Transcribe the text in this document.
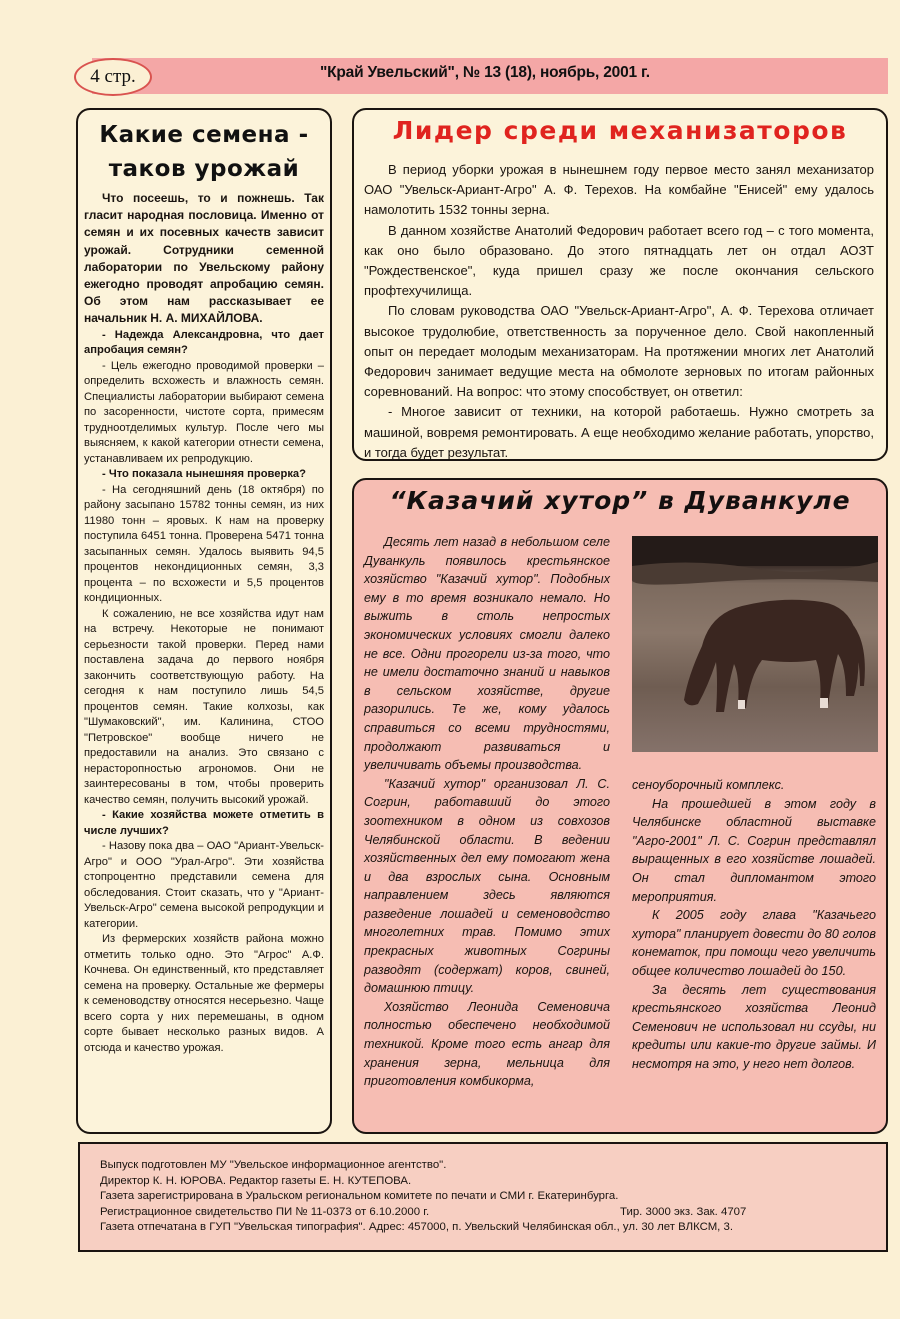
4 стр.	"Край Увельский", № 13 (18), ноябрь, 2001 г.
Какие семена -
таков урожай

Что посеешь, то и пожнешь. Так гласит народная пословица. Именно от семян и их посевных качеств зависит урожай. Сотрудники семенной лаборатории по Увельскому району ежегодно проводят апробацию семян. Об этом нам рассказывает ее начальник Н. А. МИХАЙЛОВА.

- Надежда Александровна, что дает апробация семян?

- Цель ежегодно проводимой проверки – определить всхожесть и влажность семян. Специалисты лаборатории выбирают семена по засоренности, чистоте сорта, примесям трудноотделимых культур. После чего мы выясняем, к какой категории отнести семена, устанавливаем их репродукцию.

- Что показала нынешняя проверка?

- На сегодняшний день (18 октября) по району засыпано 15782 тонны семян, из них 11980 тонн – яровых. К нам на проверку поступила 6451 тонна. Проверена 5471 тонна засыпанных семян. Удалось выявить 94,5 процентов некондиционных семян, 3,3 процента – по всхожести и 5,5 процентов кондиционных.

К сожалению, не все хозяйства идут нам на встречу. Некоторые не понимают серьезности такой проверки. Перед нами поставлена задача до первого ноября закончить соответствующую работу. На сегодня к нам поступило лишь 54,5 процентов семян. Такие колхозы, как "Шумаковский", им. Калинина, СТОО "Петровское" вообще ничего не предоставили на анализ. Это связано с нерасторопностью агрономов. Они не заинтересованы в том, чтобы проверить качество семян, получить высокий урожай.

- Какие хозяйства можете отметить в числе лучших?

- Назову пока два – ОАО "Ариант-Увельск-Агро" и ООО "Урал-Агро". Эти хозяйства стопроцентно представили семена для обследования. Стоит сказать, что у "Ариант-Увельск-Агро" семена высокой репродукции и категории.

Из фермерских хозяйств района можно отметить только одно. Это "Агрос" А.Ф. Кочнева. Он единственный, кто представляет семена на проверку. Остальные же фермеры к семеноводству относятся несерьезно. Чаще всего сорта у них перемешаны, в одном сорте бывает несколько разных видов. А отсюда и качество урожая.

Лидер среди механизаторов

В период уборки урожая в нынешнем году первое место занял механизатор ОАО "Увельск-Ариант-Агро" А. Ф. Терехов. На комбайне "Енисей" ему удалось намолотить 1532 тонны зерна.

В данном хозяйстве Анатолий Федорович работает всего год – с того момента, как оно было образовано. До этого пятнадцать лет он отдал АОЗТ "Рождественское", куда пришел сразу же после окончания сельского профтехучилища.

По словам руководства ОАО "Увельск-Ариант-Агро", А. Ф. Терехова отличает высокое трудолюбие, ответственность за порученное дело. Свой накопленный опыт он передает молодым механизаторам. На протяжении многих лет Анатолий Федорович занимает ведущие места на обмолоте зерновых по итогам районных соревнований. На вопрос: что этому способствует, он ответил:

- Многое зависит от техники, на которой работаешь. Нужно смотреть за машиной, вовремя ремонтировать. А еще необходимо желание работать, упорство, и тогда будет результат.

“Казачий хутор” в Дуванкуле

Десять лет назад в небольшом селе Дуванкуль появилось крестьянское хозяйство "Казачий хутор". Подобных ему в то время возникало немало. Но выжить в столь непростых экономических условиях смогли далеко не все. Одни прогорели из-за того, что не имели достаточно знаний и навыков в сельском хозяйстве, другие разорились. Те же, кому удалось справиться со всеми трудностями, продолжают развиваться и увеличивать объемы производства.

"Казачий хутор" организовал Л. С. Согрин, работавший до этого зоотехником в одном из совхозов Челябинской области. В ведении хозяйственных дел ему помогают жена и два взрослых сына. Основным направлением здесь являются разведение лошадей и семеноводство многолетних трав. Помимо этих прекрасных животных Согрины разводят (содержат) коров, свиней, домашнюю птицу.

Хозяйство Леонида Семеновича полностью обеспечено необходимой техникой. Кроме того есть ангар для хранения зерна, мельница для приготовления комбикорма,

сеноуборочный комплекс.

На прошедшей в этом году в Челябинске областной выставке "Агро-2001" Л. С. Согрин представлял выращенных в его хозяйстве лошадей. Он стал дипломантом этого мероприятия.

К 2005 году глава "Казачьего хутора" планирует довести до 80 голов конематок, при помощи чего увеличить общее количество лошадей до 150.

За десять лет существования крестьянского хозяйства Леонид Семенович не использовал ни ссуды, ни кредиты или какие-то другие займы. И несмотря на это, у него нет долгов.

Выпуск подготовлен МУ "Увельское информационное агентство".
Директор К. Н. ЮРОВА. Редактор газеты Е. Н. КУТЕПОВА.
Газета зарегистрирована в Уральском региональном комитете по печати и СМИ г. Екатеринбурга.
Регистрационное свидетельство ПИ № 11-0373 от 6.10.2000 г.	Тир. 3000 экз. Зак. 4707
Газета отпечатана в ГУП "Увельская типография". Адрес: 457000, п. Увельский Челябинская обл., ул. 30 лет ВЛКСМ, 3.
